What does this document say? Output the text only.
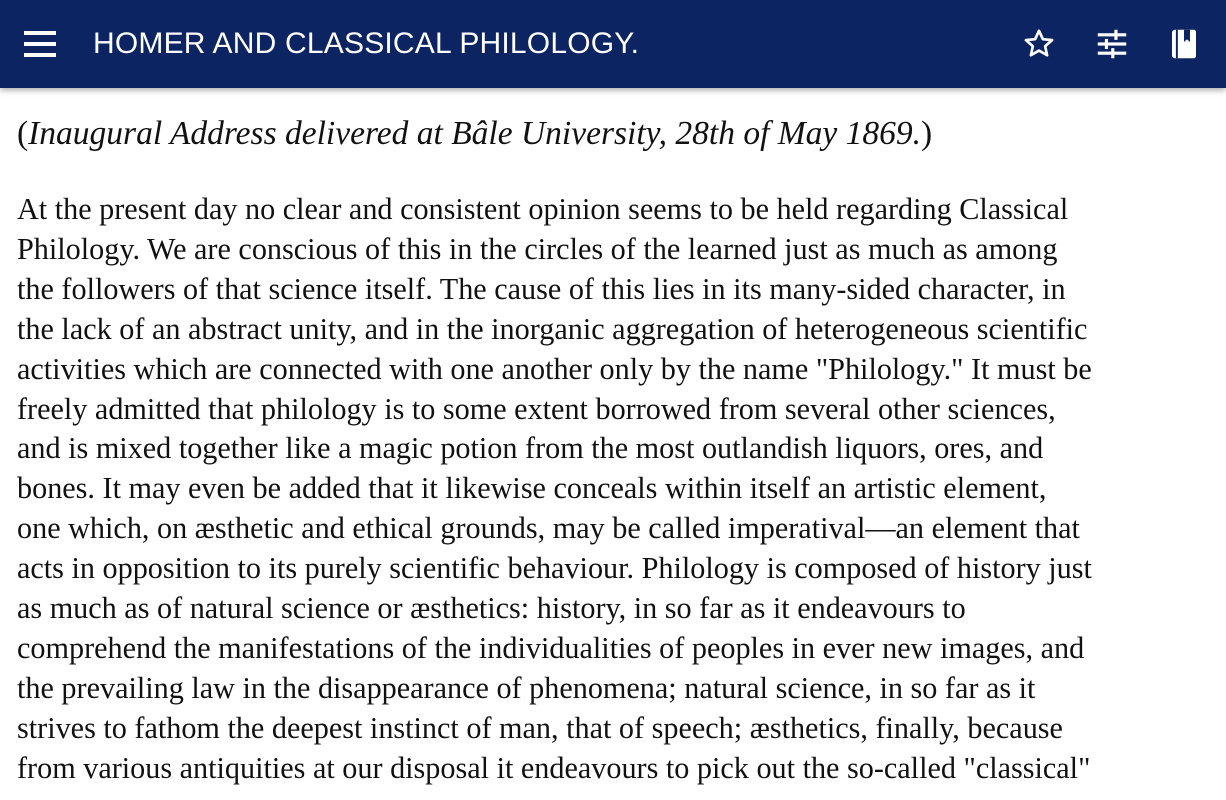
HOMER AND CLASSICAL PHILOLOGY.

(Inaugural Address delivered at Bâle University, 28th of May 1869.)

At the present day no clear and consistent opinion seems to be held regarding Classical
Philology. We are conscious of this in the circles of the learned just as much as among
the followers of that science itself. The cause of this lies in its many-sided character, in
the lack of an abstract unity, and in the inorganic aggregation of heterogeneous scientific
activities which are connected with one another only by the name "Philology." It must be
freely admitted that philology is to some extent borrowed from several other sciences,
and is mixed together like a magic potion from the most outlandish liquors, ores, and
bones. It may even be added that it likewise conceals within itself an artistic element,
one which, on æsthetic and ethical grounds, may be called imperatival—an element that
acts in opposition to its purely scientific behaviour. Philology is composed of history just
as much as of natural science or æsthetics: history, in so far as it endeavours to
comprehend the manifestations of the individualities of peoples in ever new images, and
the prevailing law in the disappearance of phenomena; natural science, in so far as it
strives to fathom the deepest instinct of man, that of speech; æsthetics, finally, because
from various antiquities at our disposal it endeavours to pick out the so-called "classical"
